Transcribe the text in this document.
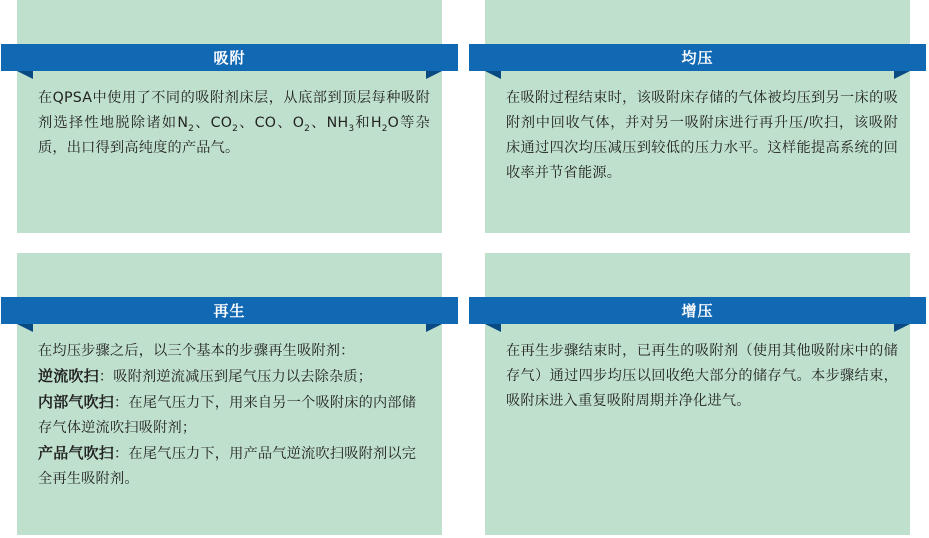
吸附
在QPSA中使用了不同的吸附剂床层，从底部到顶层每种吸附剂选择性地脱除诸如$N_2$、$CO_2$、CO、$O_2$、$NH_3$和$H_2O$等杂质，出口得到高纯度的产品气。
均压
在吸附过程结束时，该吸附床存储的气体被均压到另一床的吸附剂中回收气体，并对另一吸附床进行再升压/吹扫，该吸附床通过四次均压减压到较低的压力水平。这样能提高系统的回收率并节省能源。
再生

在均压步骤之后，以三个基本的步骤再生吸附剂：

逆流吹扫：吸附剂逆流减压到尾气压力以去除杂质；

内部气吹扫：在尾气压力下，用来自另一个吸附床的内部储存气体逆流吹扫吸附剂；

产品气吹扫：在尾气压力下，用产品气逆流吹扫吸附剂以完全再生吸附剂。

增压
在再生步骤结束时，已再生的吸附剂（使用其他吸附床中的储存气）通过四步均压以回收绝大部分的储存气。本步骤结束，吸附床进入重复吸附周期并净化进气。
